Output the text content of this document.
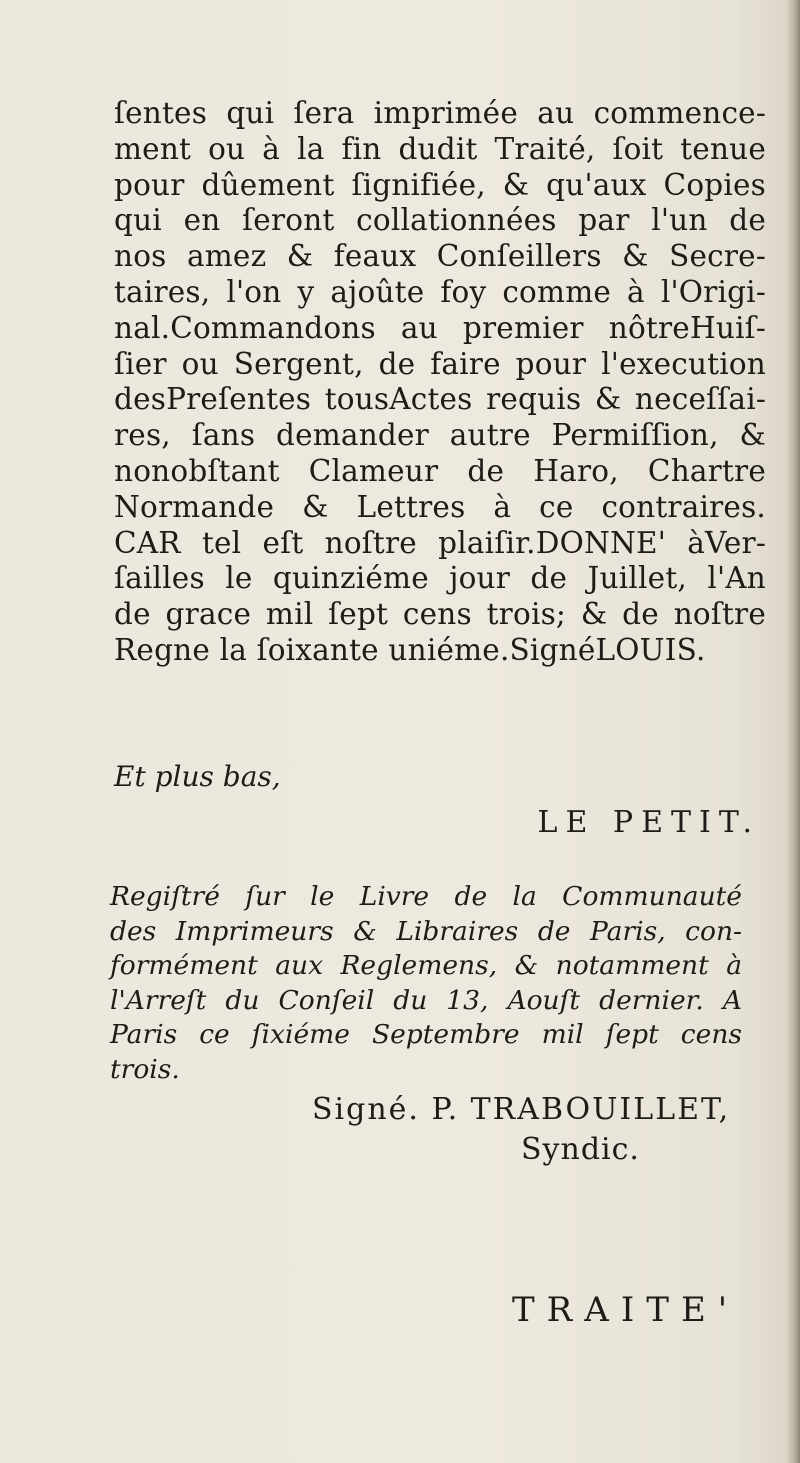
ſentes qui ſera imprimée au commence-
ment ou à la fin dudit Traité, ſoit tenue
pour dûement ſignifiée, & qu'aux Copies
qui en ſeront collationnées par l'un de
nos amez & feaux Conſeillers & Secre-
taires, l'on y ajoûte foy comme à l'Origi-
nal.Commandons au premier nôtreHuiſ-
ſier ou Sergent, de faire pour l'execution
desPreſentes tousActes requis & neceſſai-
res, ſans demander autre Permiſſion, &
nonobſtant Clameur de Haro, Chartre
Normande & Lettres à ce contraires.
CAR tel eſt noſtre plaiſir.DONNE' àVer-
ſailles le quinziéme jour de Juillet, l'An
de grace mil ſept cens trois; & de noſtre
Regne la ſoixante uniéme.SignéLOUIS.
Et plus bas,
LE PETIT.
Regiſtré ſur le Livre de la Communauté
des Imprimeurs & Libraires de Paris, con-
formément aux Reglemens, & notamment à
l'Arreſt du Conſeil du 13, Aouſt dernier. A
Paris ce ſixiéme Septembre mil ſept cens
trois.
Signé. P. TRABOUILLET,
Syndic.
TRAITE'
